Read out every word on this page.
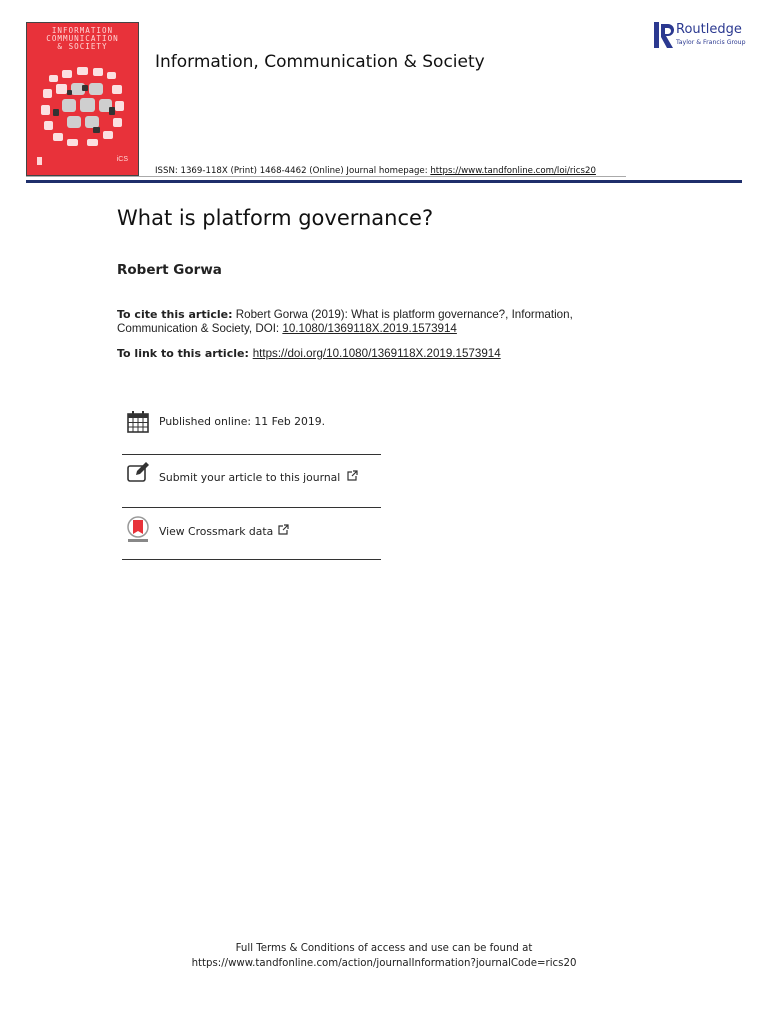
INFORMATION
COMMUNICATION
& SOCIETY
iCS
Information, Communication & Society
Routledge
Taylor & Francis Group
ISSN: 1369-118X (Print) 1468-4462 (Online) Journal homepage: https://www.tandfonline.com/loi/rics20
What is platform governance?
Robert Gorwa
To cite this article: Robert Gorwa (2019): What is platform governance?, Information,
Communication & Society, DOI: 10.1080/1369118X.2019.1573914
To link to this article: https://doi.org/10.1080/1369118X.2019.1573914
Published online: 11 Feb 2019.
Submit your article to this journal
View Crossmark data
Full Terms & Conditions of access and use can be found at
https://www.tandfonline.com/action/journalInformation?journalCode=rics20
